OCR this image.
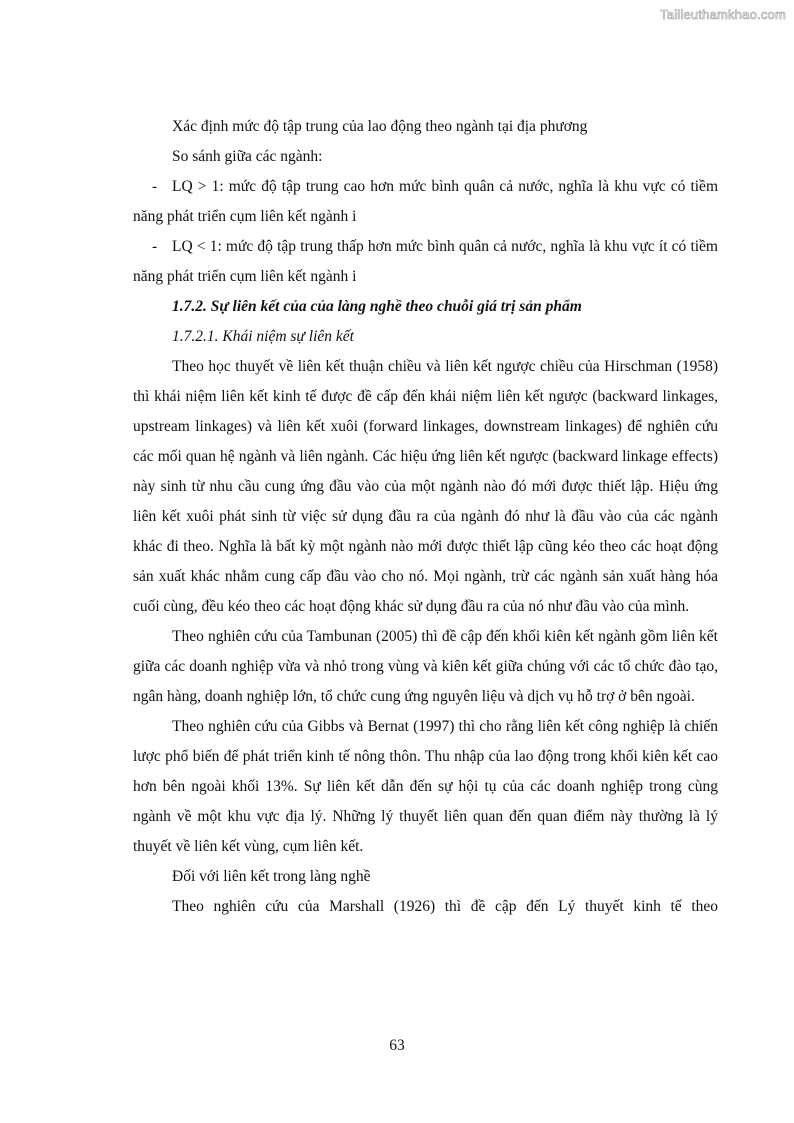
Tailieuthamkhao.com

Xác định mức độ tập trung của lao động theo ngành tại địa phương

So sánh giữa các ngành:

- LQ > 1: mức độ tập trung cao hơn mức bình quân cả nước, nghĩa là khu vực có tiềm năng phát triển cụm liên kết ngành i

- LQ < 1: mức độ tập trung thấp hơn mức bình quân cả nước, nghĩa là khu vực ít có tiềm năng phát triển cụm liên kết ngành i

1.7.2. Sự liên kết của của làng nghề theo chuỗi giá trị sản phẩm

1.7.2.1. Khái niệm sự liên kết

Theo học thuyết về liên kết thuận chiều và liên kết ngược chiều của Hirschman (1958) thì khái niệm liên kết kinh tế được đề cấp đến khái niệm liên kết ngược (backward linkages, upstream linkages) và liên kết xuôi (forward linkages, downstream linkages) để nghiên cứu các mối quan hệ ngành và liên ngành. Các hiệu ứng liên kết ngược (backward linkage effects) này sinh từ nhu cầu cung ứng đầu vào của một ngành nào đó mới được thiết lập. Hiệu ứng liên kết xuôi phát sinh từ việc sử dụng đầu ra của ngành đó như là đầu vào của các ngành khác đi theo. Nghĩa là bất kỳ một ngành nào mới được thiết lập cũng kéo theo các hoạt động sản xuất khác nhằm cung cấp đầu vào cho nó. Mọi ngành, trừ các ngành sản xuất hàng hóa cuối cùng, đều kéo theo các hoạt động khác sử dụng đầu ra của nó như đầu vào của mình.

Theo nghiên cứu của Tambunan (2005) thì đề cập đến khối kiên kết ngành gồm liên kết giữa các doanh nghiệp vừa và nhỏ trong vùng và kiên kết giữa chúng với các tổ chức đào tạo, ngân hàng, doanh nghiệp lớn, tổ chức cung ứng nguyên liệu và dịch vụ hỗ trợ ở bên ngoài.

Theo nghiên cứu của Gibbs và Bernat (1997) thì cho rằng liên kết công nghiệp là chiến lược phổ biến để phát triển kinh tế nông thôn. Thu nhập của lao động trong khối kiên kết cao hơn bên ngoài khối 13%. Sự liên kết dẫn đến sự hội tụ của các doanh nghiệp trong cùng ngành về một khu vực địa lý. Những lý thuyết liên quan đến quan điểm này thường là lý thuyết về liên kết vùng, cụm liên kết.

Đối với liên kết trong làng nghề

Theo nghiên cứu của Marshall (1926) thì đề cập đến Lý thuyết kinh tế theo

63
